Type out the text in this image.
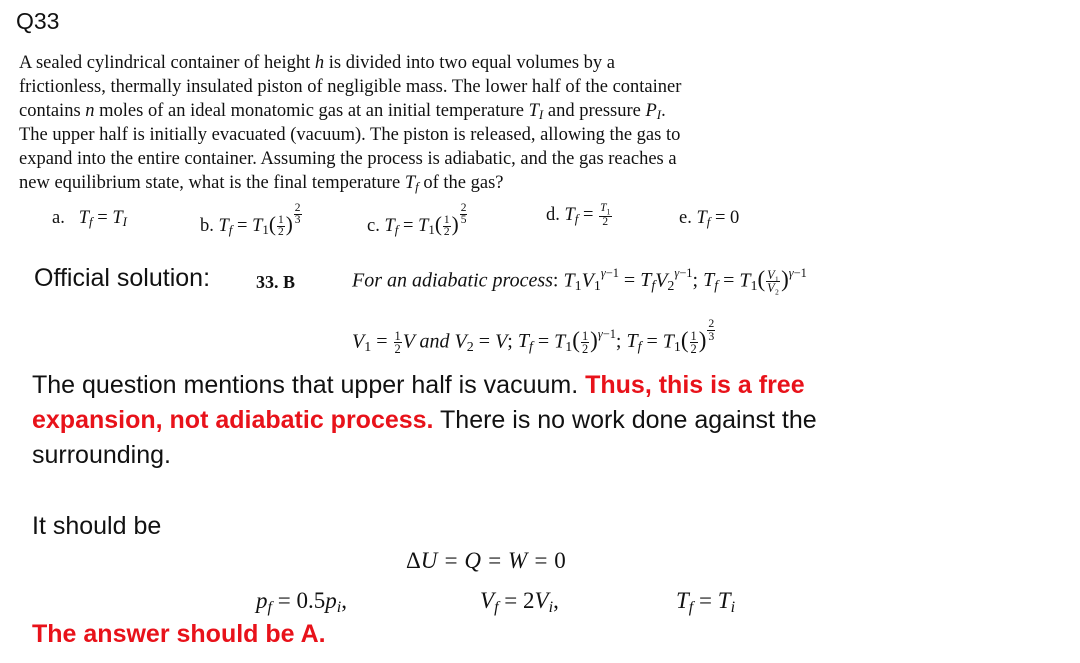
Q33
A sealed cylindrical container of height h is divided into two equal volumes by a
frictionless, thermally insulated piston of negligible mass. The lower half of the container
contains n moles of an ideal monatomic gas at an initial temperature $T_I$ and pressure $P_I$.
The upper half is initially evacuated (vacuum). The piston is released, allowing the gas to
expand into the entire container. Assuming the process is adiabatic, and the gas reaches a
new equilibrium state, what is the final temperature $T_f$ of the gas?
a.   $T_f = T_I$	b. $T_f = T_1( \frac{1}{2}$ ) $\frac{2}{3}$	c. $T_f = T_1( \frac{1}{2}$ ) $\frac{2}{5}$	d. $T_f = \frac{T_1}{2}$	e. $T_f = 0$
Official solution:	33. B	For an adiabatic process: $T_1V_1^{\gamma-1} = T_fV_2^{\gamma-1}$; $T_f = T_1( \frac{\text{V₁}}{\text{V₂}} )^{\gamma-1}$
$V_1 = \frac{1}{2}$ V and $V_2 = V$; $T_f = T_1( \frac{1}{2} )^{\gamma-1}$; $T_f = T_1( \frac{1}{2}$ ) $\frac{2}{3}$
The question mentions that upper half is vacuum. Thus, this is a free
expansion, not adiabatic process. There is no work done against the
surrounding.
It should be
ΔU = Q = W = 0
$p_f = 0.5p_i$,	$V_f = 2V_i$,	$T_f = T_i$
The answer should be A.
